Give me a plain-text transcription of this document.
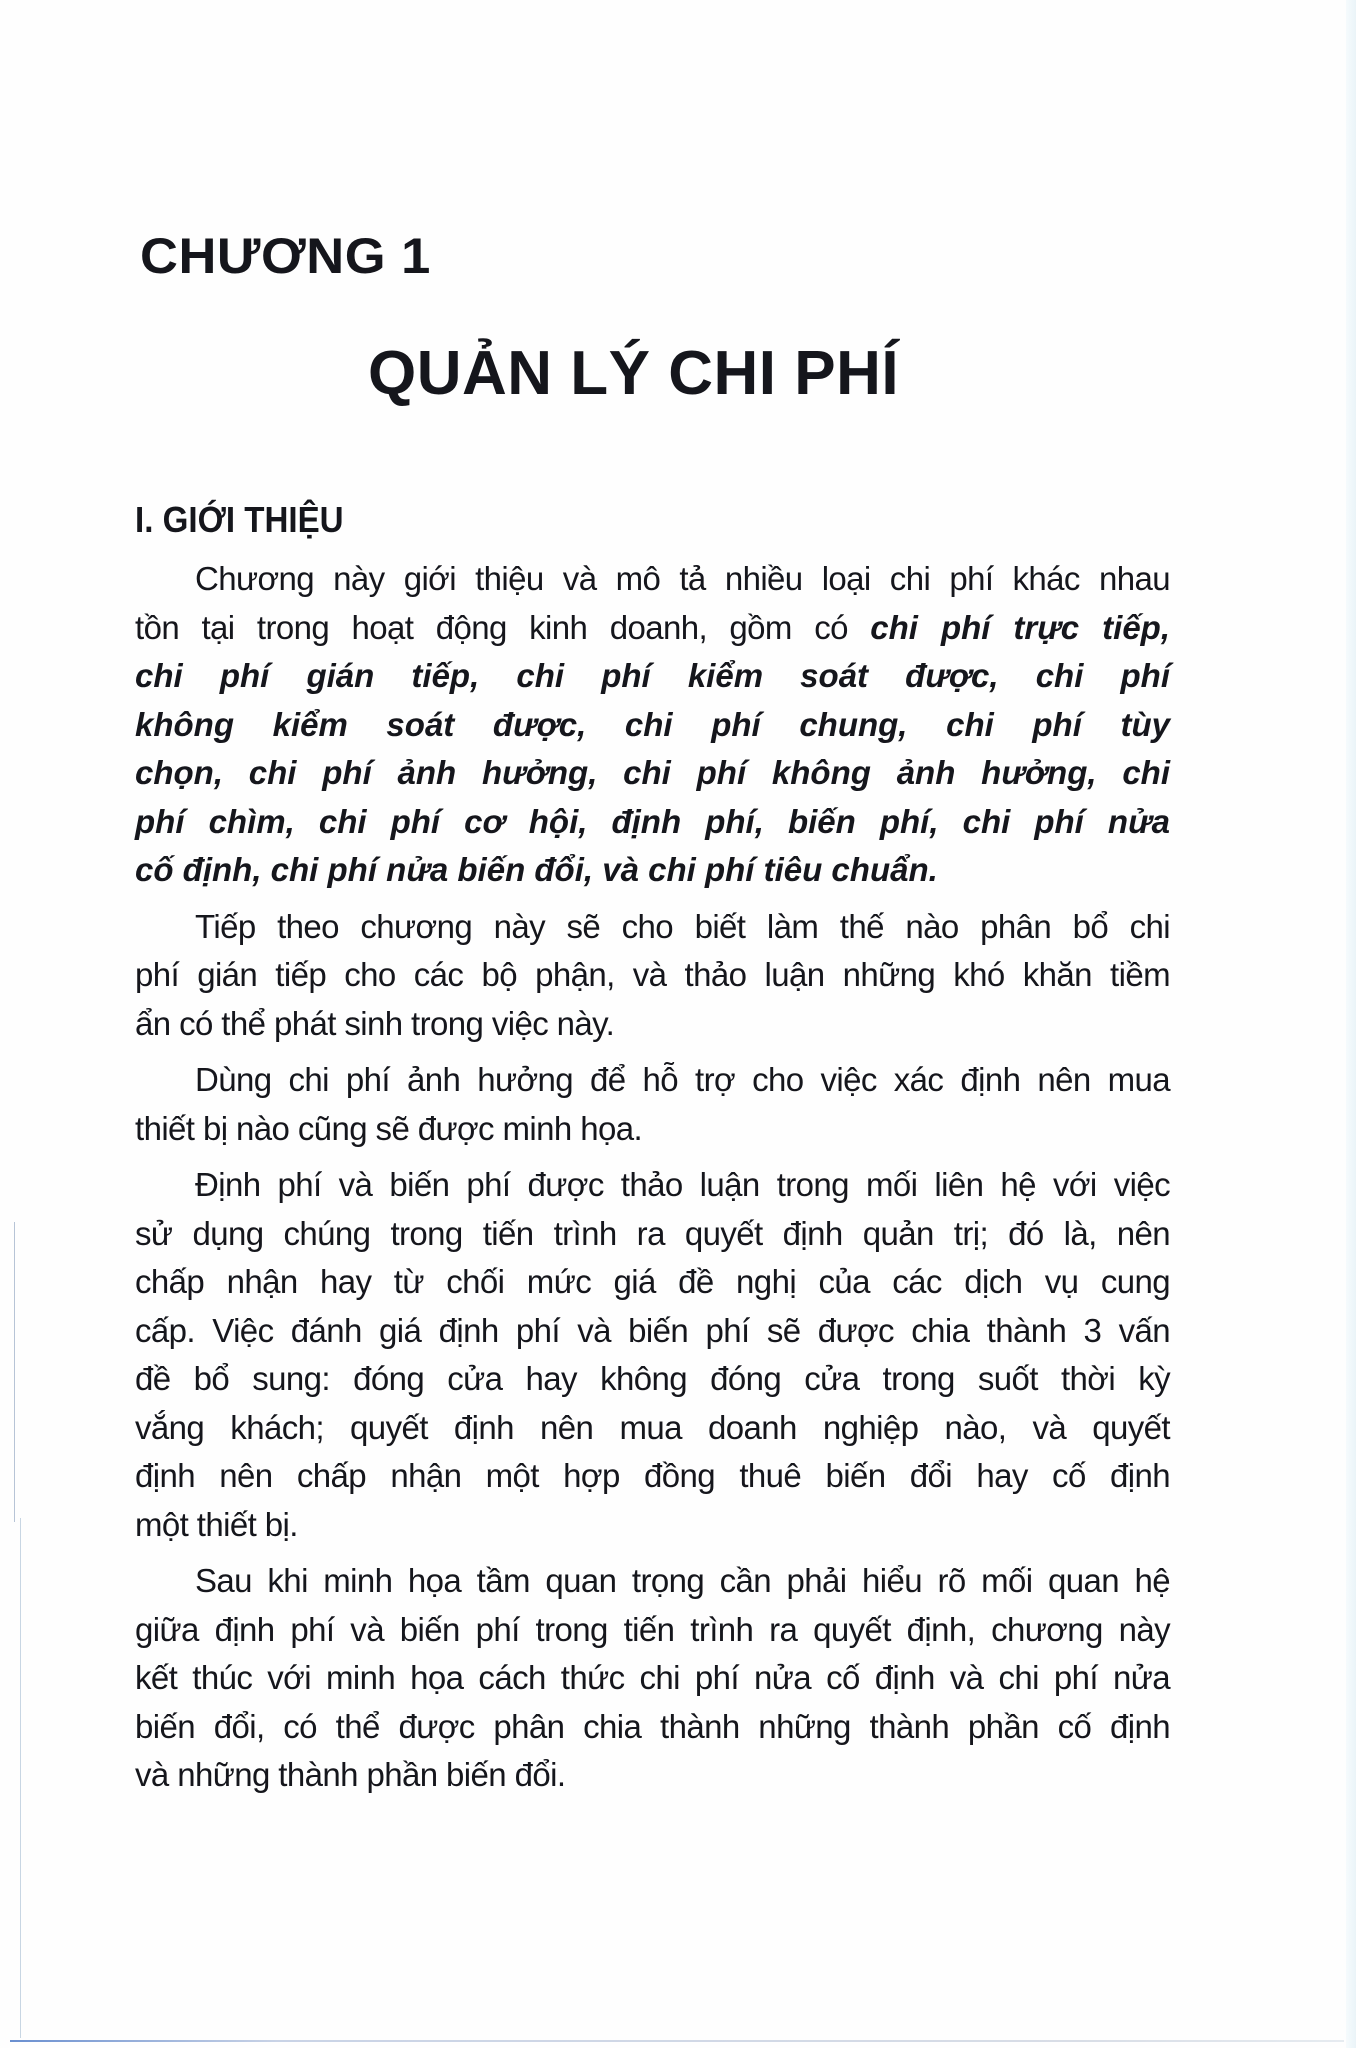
CHƯƠNG 1
QUẢN LÝ CHI PHÍ
I. GIỚI THIỆU
Chương này giới thiệu và mô tả nhiều loại chi phí khác nhau
tồn tại trong hoạt động kinh doanh, gồm có chi phí trực tiếp,
chi phí gián tiếp, chi phí kiểm soát được, chi phí
không kiểm soát được, chi phí chung, chi phí tùy
chọn, chi phí ảnh hưởng, chi phí không ảnh hưởng, chi
phí chìm, chi phí cơ hội, định phí, biến phí, chi phí nửa
cố định, chi phí nửa biến đổi, và chi phí tiêu chuẩn.
Tiếp theo chương này sẽ cho biết làm thế nào phân bổ chi
phí gián tiếp cho các bộ phận, và thảo luận những khó khăn tiềm
ẩn có thể phát sinh trong việc này.
Dùng chi phí ảnh hưởng để hỗ trợ cho việc xác định nên mua
thiết bị nào cũng sẽ được minh họa.
Định phí và biến phí được thảo luận trong mối liên hệ với việc
sử dụng chúng trong tiến trình ra quyết định quản trị; đó là, nên
chấp nhận hay từ chối mức giá đề nghị của các dịch vụ cung
cấp. Việc đánh giá định phí và biến phí sẽ được chia thành 3 vấn
đề bổ sung: đóng cửa hay không đóng cửa trong suốt thời kỳ
vắng khách; quyết định nên mua doanh nghiệp nào, và quyết
định nên chấp nhận một hợp đồng thuê biến đổi hay cố định
một thiết bị.
Sau khi minh họa tầm quan trọng cần phải hiểu rõ mối quan hệ
giữa định phí và biến phí trong tiến trình ra quyết định, chương này
kết thúc với minh họa cách thức chi phí nửa cố định và chi phí nửa
biến đổi, có thể được phân chia thành những thành phần cố định
và những thành phần biến đổi.
